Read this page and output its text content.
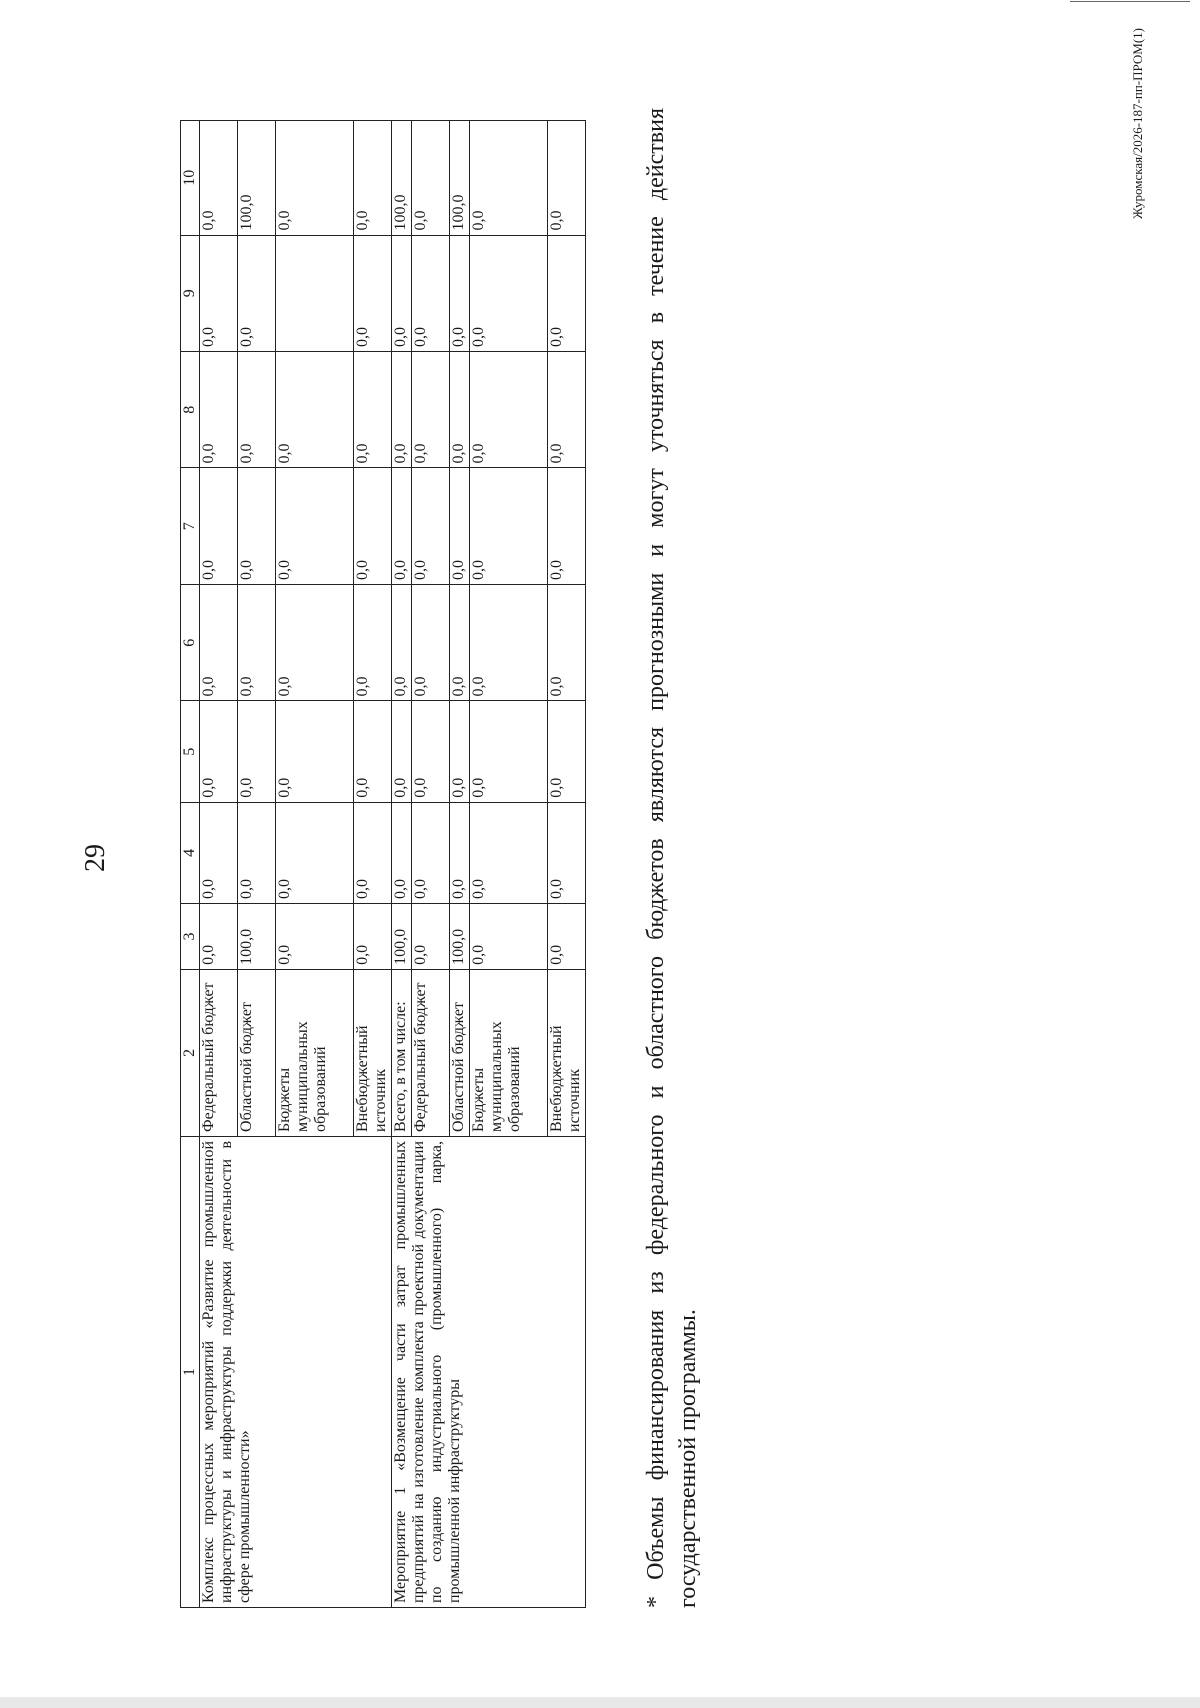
29
1	2	3	4	5	6	7	8	9	10
Комплекс процессных мероприятий «Развитие промышленной инфраструктуры и инфраструктуры поддержки деятельности в сфере промышленности»	Федеральный бюджет	0,0	0,0	0,0	0,0	0,0	0,0	0,0	0,0
	Областной бюджет	100,0	0,0	0,0	0,0	0,0	0,0	0,0	100,0
	Бюджеты муниципальных образований	0,0	0,0	0,0	0,0	0,0	0,0		0,0
	Внебюджетный источник	0,0	0,0	0,0	0,0	0,0	0,0	0,0	0,0
Мероприятие 1 «Возмещение части затрат промышленных предприятий на изготовление комплекта проектной документации по созданию индустриального (промышленного) парка, промышленной инфраструктуры	Всего, в том числе:	100,0	0,0	0,0	0,0	0,0	0,0	0,0	100,0
	Федеральный бюджет	0,0	0,0	0,0	0,0	0,0	0,0	0,0	0,0
	Областной бюджет	100,0	0,0	0,0	0,0	0,0	0,0	0,0	100,0
	Бюджеты муниципальных образований	0,0	0,0	0,0	0,0	0,0	0,0	0,0	0,0
	Внебюджетный источник	0,0	0,0	0,0	0,0	0,0	0,0	0,0	0,0	* Объемы финансирования из федерального и областного бюджетов являются прогнозными и могут уточняться в течение действия государственной программы.
Журомская/2026-187-пп-ПРОМ(1)
